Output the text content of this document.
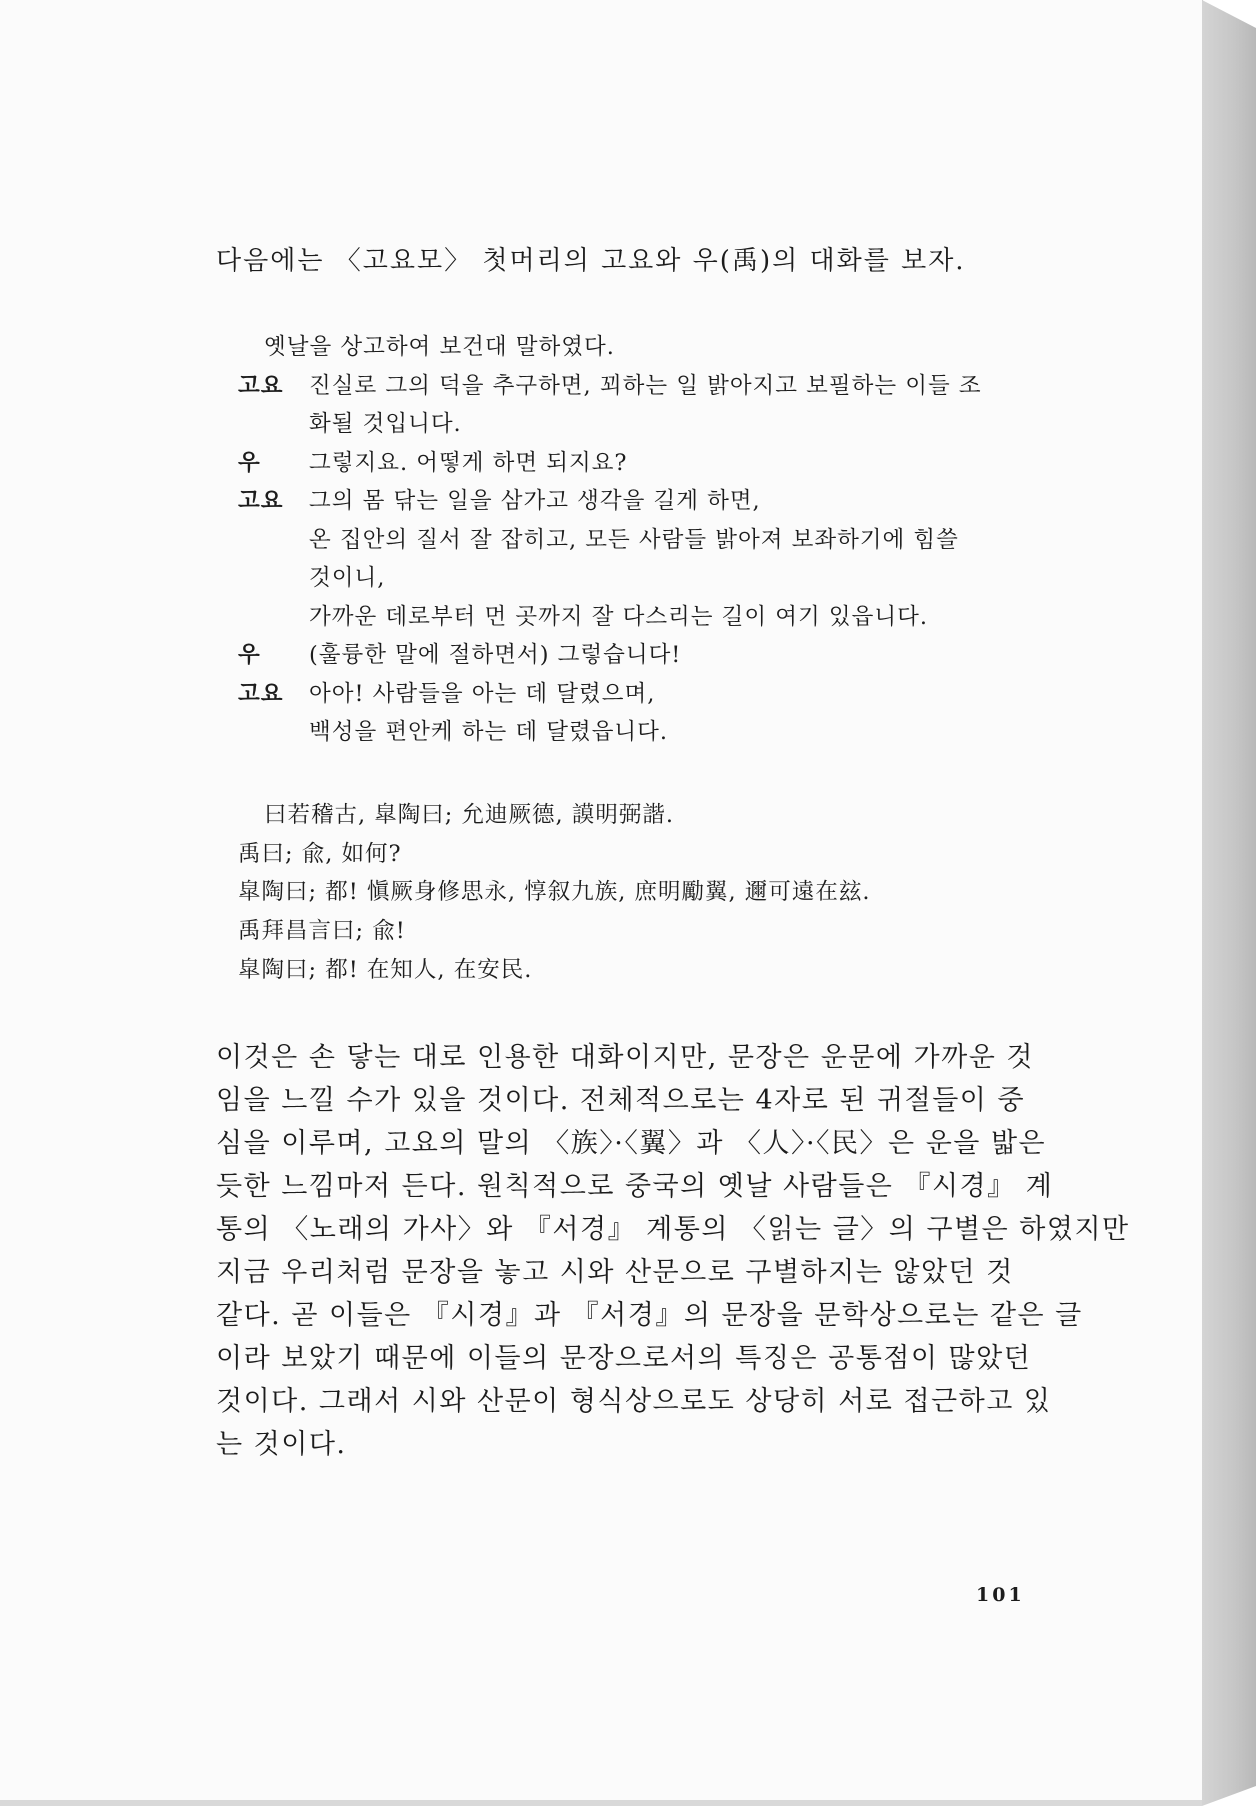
다음에는 〈고요모〉 첫머리의 고요와 우(禹)의 대화를 보자.
옛날을 상고하여 보건대 말하였다.
고요 진실로 그의 덕을 추구하면, 꾀하는 일 밝아지고 보필하는 이들 조
화될 것입니다.
우 그렇지요. 어떻게 하면 되지요?
고요 그의 몸 닦는 일을 삼가고 생각을 길게 하면,
온 집안의 질서 잘 잡히고, 모든 사람들 밝아져 보좌하기에 힘쓸
것이니,
가까운 데로부터 먼 곳까지 잘 다스리는 길이 여기 있읍니다.
우 (훌륭한 말에 절하면서) 그렇습니다!
고요 아아! 사람들을 아는 데 달렸으며,
백성을 편안케 하는 데 달렸읍니다.
曰若稽古, 皐陶曰; 允迪厥德, 謨明弼諧.
禹曰; 兪, 如何?
皐陶曰; 都! 愼厥身修思永, 惇叙九族, 庶明勵翼, 邇可遠在玆.
禹拜昌言曰; 兪!
皐陶曰; 都! 在知人, 在安民.
이것은 손 닿는 대로 인용한 대화이지만, 문장은 운문에 가까운 것
임을 느낄 수가 있을 것이다. 전체적으로는 4자로 된 귀절들이 중
심을 이루며, 고요의 말의 〈族〉·〈翼〉과 〈人〉·〈民〉은 운을 밟은
듯한 느낌마저 든다. 원칙적으로 중국의 옛날 사람들은 『시경』 계
통의 〈노래의 가사〉와 『서경』 계통의 〈읽는 글〉의 구별은 하였지만
지금 우리처럼 문장을 놓고 시와 산문으로 구별하지는 않았던 것
같다. 곧 이들은 『시경』과 『서경』의 문장을 문학상으로는 같은 글
이라 보았기 때문에 이들의 문장으로서의 특징은 공통점이 많았던
것이다. 그래서 시와 산문이 형식상으로도 상당히 서로 접근하고 있
는 것이다.
101
